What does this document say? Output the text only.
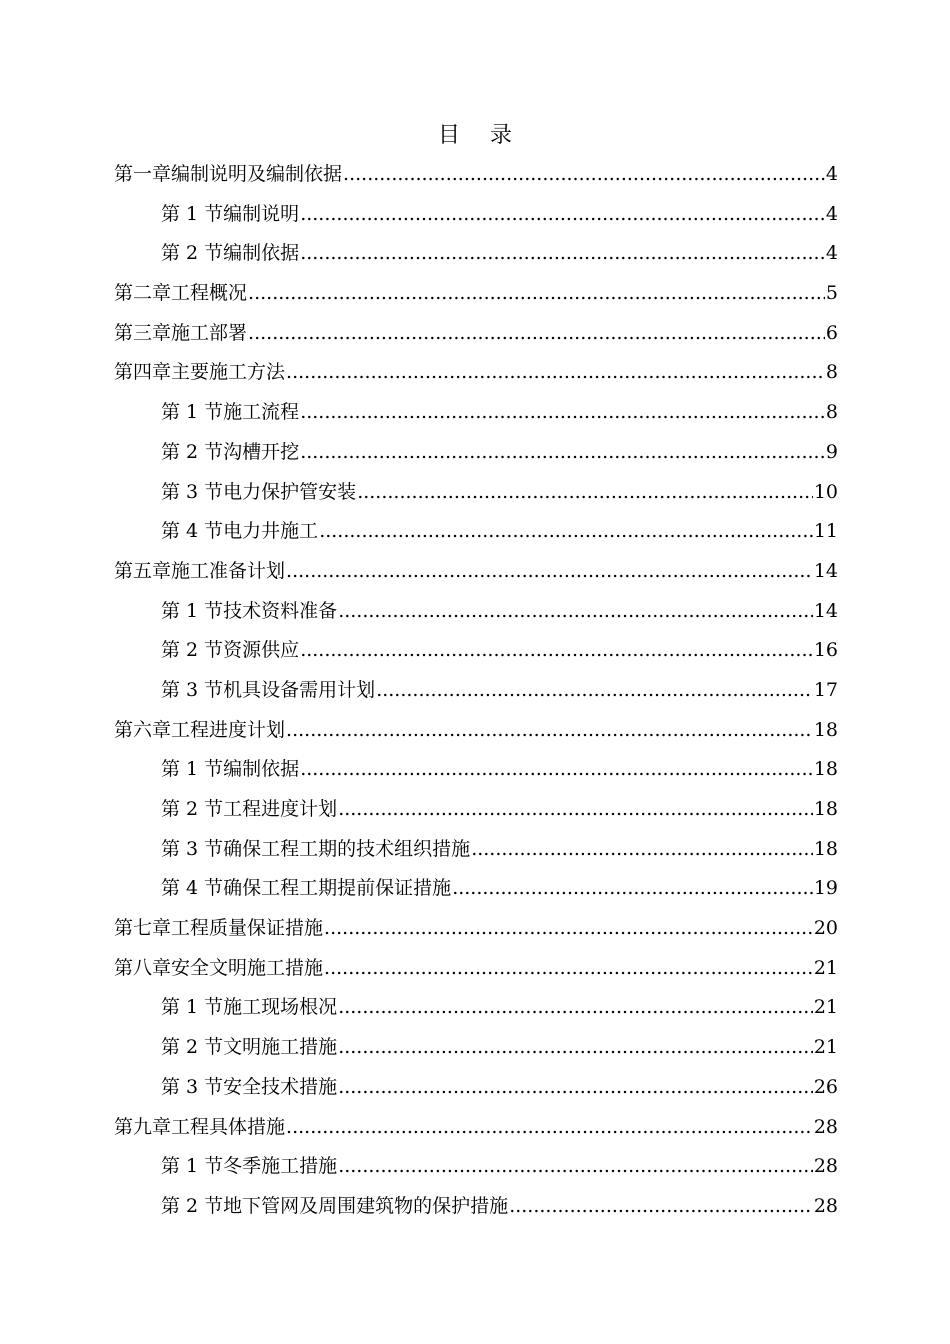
目 录
第一章 编制说明及编制依据 .....	4
第 1 节 编制说明 .....	4
第 2 节 编制依据 .....	4
第二章 工程概况 .....	5
第三章 施工部署 .....	6
第四章 主要施工方法 .....	8
第 1 节 施工流程 .....	8
第 2 节 沟槽开挖 .....	9
第 3 节 电力保护管安装 .....	10
第 4 节 电力井施工 .....	11
第五章 施工准备计划 .....	14
第 1 节 技术资料准备 .....	14
第 2 节 资源供应 .....	16
第 3 节 机具设备需用计划 .....	17
第六章 工程进度计划 .....	18
第 1 节 编制依据 .....	18
第 2 节 工程进度计划 .....	18
第 3 节 确保工程工期的技术组织措施 .....	18
第 4 节 确保工程工期提前保证措施 .....	19
第七章 工程质量保证措施 .....	20
第八章 安全文明施工措施 .....	21
第 1 节 施工现场根况 .....	21
第 2 节 文明施工措施 .....	21
第 3 节 安全技术措施 .....	26
第九章 工程具体措施 .....	28
第 1 节 冬季施工措施 .....	28
第 2 节 地下管网及周围建筑物的保护措施 .....	28
